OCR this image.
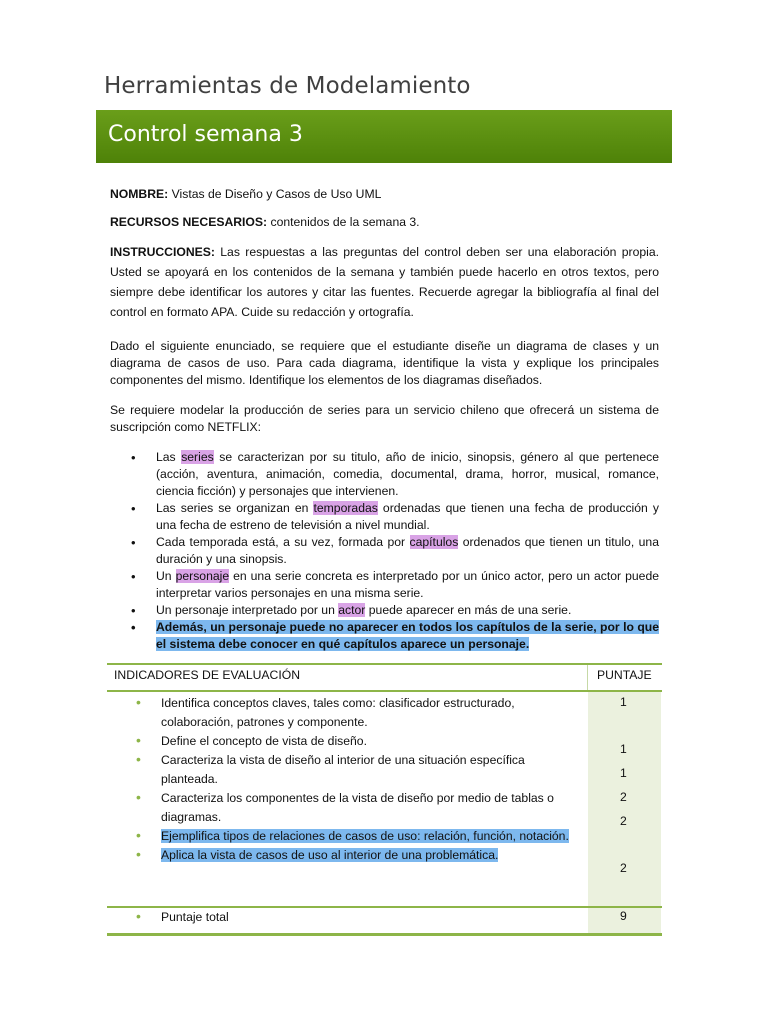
Herramientas de Modelamiento
Control semana 3

NOMBRE: Vistas de Diseño y Casos de Uso UML

RECURSOS NECESARIOS: contenidos de la semana 3.

INSTRUCCIONES: Las respuestas a las preguntas del control deben ser una elaboración propia. Usted se apoyará en los contenidos de la semana y también puede hacerlo en otros textos, pero siempre debe identificar los autores y citar las fuentes. Recuerde agregar la bibliografía al final del control en formato APA. Cuide su redacción y ortografía.

Dado el siguiente enunciado, se requiere que el estudiante diseñe un diagrama de clases y un diagrama de casos de uso. Para cada diagrama, identifique la vista y explique los principales componentes del mismo. Identifique los elementos de los diagramas diseñados.

Se requiere modelar la producción de series para un servicio chileno que ofrecerá un sistema de suscripción como NETFLIX:

• Las series se caracterizan por su titulo, año de inicio, sinopsis, género al que pertenece (acción, aventura, animación, comedia, documental, drama, horror, musical, romance, ciencia ficción) y personajes que intervienen.
• Las series se organizan en temporadas ordenadas que tienen una fecha de producción y una fecha de estreno de televisión a nivel mundial.
• Cada temporada está, a su vez, formada por capítulos ordenados que tienen un titulo, una duración y una sinopsis.
• Un personaje en una serie concreta es interpretado por un único actor, pero un actor puede interpretar varios personajes en una misma serie.
• Un personaje interpretado por un actor puede aparecer en más de una serie.
• Además, un personaje puede no aparecer en todos los capítulos de la serie, por lo que el sistema debe conocer en qué capítulos aparece un personaje.
INDICADORES DE EVALUACIÓN	PUNTAJE
• Identifica conceptos claves, tales como: clasificador estructurado, colaboración, patrones y componente.
• Define el concepto de vista de diseño.
• Caracteriza la vista de diseño al interior de una situación específica planteada.
• Caracteriza los componentes de la vista de diseño por medio de tablas o diagramas.
• Ejemplifica tipos de relaciones de casos de uso: relación, función, notación.
• Aplica la vista de casos de uso al interior de una problemática.
1
1
1
2
2
2
• Puntaje total	9
